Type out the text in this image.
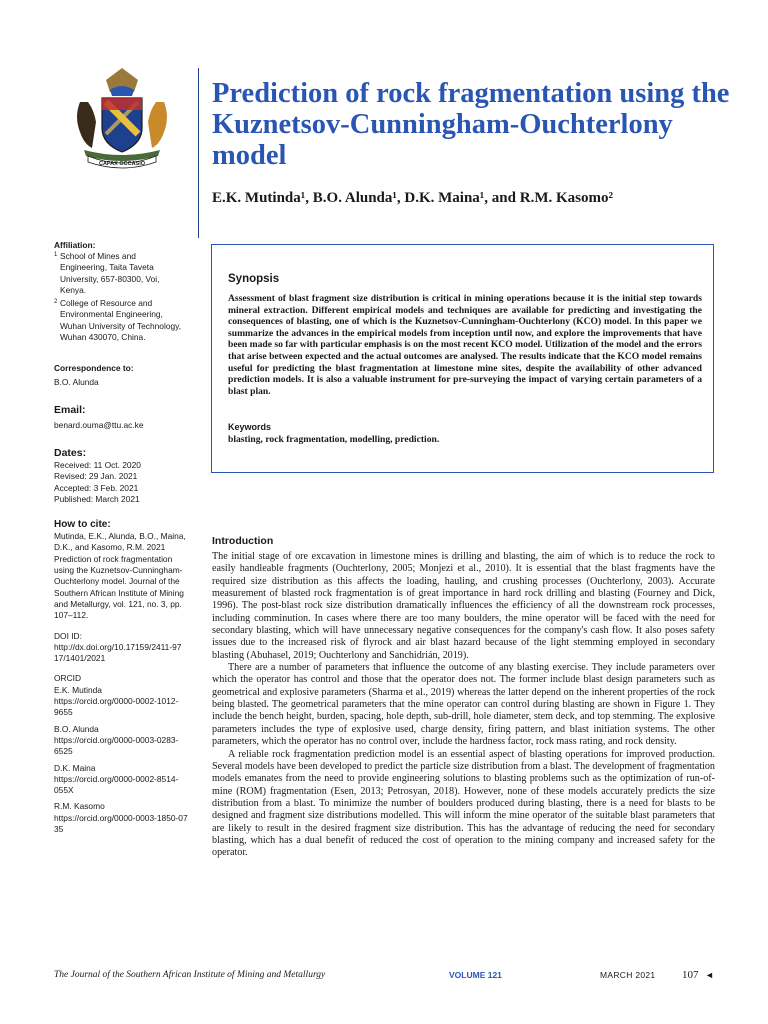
CAPAX OCCASIO
Prediction of rock fragmentation using the Kuznetsov-Cunningham-Ouchterlony model
E.K. Mutinda¹, B.O. Alunda¹, D.K. Maina¹, and R.M. Kasomo²
Affiliation:
1 School of Mines and Engineering, Taita Taveta University, 657-80300, Voi, Kenya.
2 College of Resource and Environmental Engineering, Wuhan University of Technology, Wuhan 430070, China.
Correspondence to:
B.O. Alunda
Email:
benard.ouma@ttu.ac.ke
Dates:
Received: 11 Oct. 2020
Revised: 29 Jan. 2021
Accepted: 3 Feb. 2021
Published: March 2021
How to cite:
Mutinda, E.K., Alunda, B.O., Maina, D.K., and Kasomo, R.M. 2021 Prediction of rock fragmentation using the Kuznetsov-Cunningham-Ouchterlony model. Journal of the Southern African Institute of Mining and Metallurgy, vol. 121, no. 3, pp. 107–112.
DOI ID:
http://dx.doi.org/10.17159/2411-9717/1401/2021
ORCID
E.K. Mutinda
https://orcid.org/0000-0002-1012-9655
B.O. Alunda
https://orcid.org/0000-0003-0283-6525
D.K. Maina
https://orcid.org/0000-0002-8514-055X
R.M. Kasomo
https://orcid.org/0000-0003-1850-0735
Synopsis
Assessment of blast fragment size distribution is critical in mining operations because it is the initial step towards mineral extraction. Different empirical models and techniques are available for predicting and investigating the consequences of blasting, one of which is the Kuznetsov-Cunningham-Ouchterlony (KCO) model. In this paper we summarize the advances in the empirical models from inception until now, and explore the improvements that have been made so far with particular emphasis is on the most recent KCO model. Utilization of the model and the errors that arise between expected and the actual outcomes are analysed. The results indicate that the KCO model remains useful for predicting the blast fragmentation at limestone mine sites, despite the availability of other advanced prediction models. It is also a valuable instrument for pre-surveying the impact of varying certain parameters of a blast plan.
Keywords
blasting, rock fragmentation, modelling, prediction.
Introduction

The initial stage of ore excavation in limestone mines is drilling and blasting, the aim of which is to reduce the rock to easily handleable fragments (Ouchterlony, 2005; Monjezi et al., 2010). It is essential that the blast fragments have the required size distribution as this affects the loading, hauling, and crushing processes (Ouchterlony, 2003). Accurate measurement of blasted rock fragmentation is of great importance in hard rock drilling and blasting (Fourney and Dick, 1996). The post-blast rock size distribution dramatically influences the efficiency of all the downstream rock processes, including comminution. In cases where there are too many boulders, the mine operator will be faced with the need for secondary blasting, which will have unnecessary negative consequences for the company's cash flow. It also poses safety issues due to the increased risk of flyrock and air blast hazard because of the light stemming employed in secondary blasting (Abuhasel, 2019; Ouchterlony and Sanchidrián, 2019).

There are a number of parameters that influence the outcome of any blasting exercise. They include parameters over which the operator has control and those that the operator does not. The former include blast design parameters such as geometrical and explosive parameters (Sharma et al., 2019) whereas the latter depend on the inherent properties of the rock being blasted. The geometrical parameters that the mine operator can control during blasting are shown in Figure 1. They include the bench height, burden, spacing, hole depth, sub-drill, hole diameter, stem deck, and top stemming. The explosive parameters includes the type of explosive used, charge density, firing pattern, and blast initiation systems. The other parameters, which the operator has no control over, include the hardness factor, rock mass rating, and rock density.

A reliable rock fragmentation prediction model is an essential aspect of blasting operations for improved production. Several models have been developed to predict the particle size distribution from a blast. The development of fragmentation models emanates from the need to provide engineering solutions to blasting problems such as the optimization of run-of-mine (ROM) fragmentation (Esen, 2013; Petrosyan, 2018). However, none of these models accurately predicts the size distribution from a blast. To minimize the number of boulders produced during blasting, there is a need for blasts to be designed and fragment size distributions modelled. This will inform the mine operator of the suitable blast parameters that are likely to result in the desired fragment size distribution. This has the advantage of reducing the need for secondary blasting, which has a dual benefit of reduced the cost of operation to the mining company and increased safety for the operator.

The Journal of the Southern African Institute of Mining and Metallurgy	VOLUME 121	MARCH 2021 107 ◄
